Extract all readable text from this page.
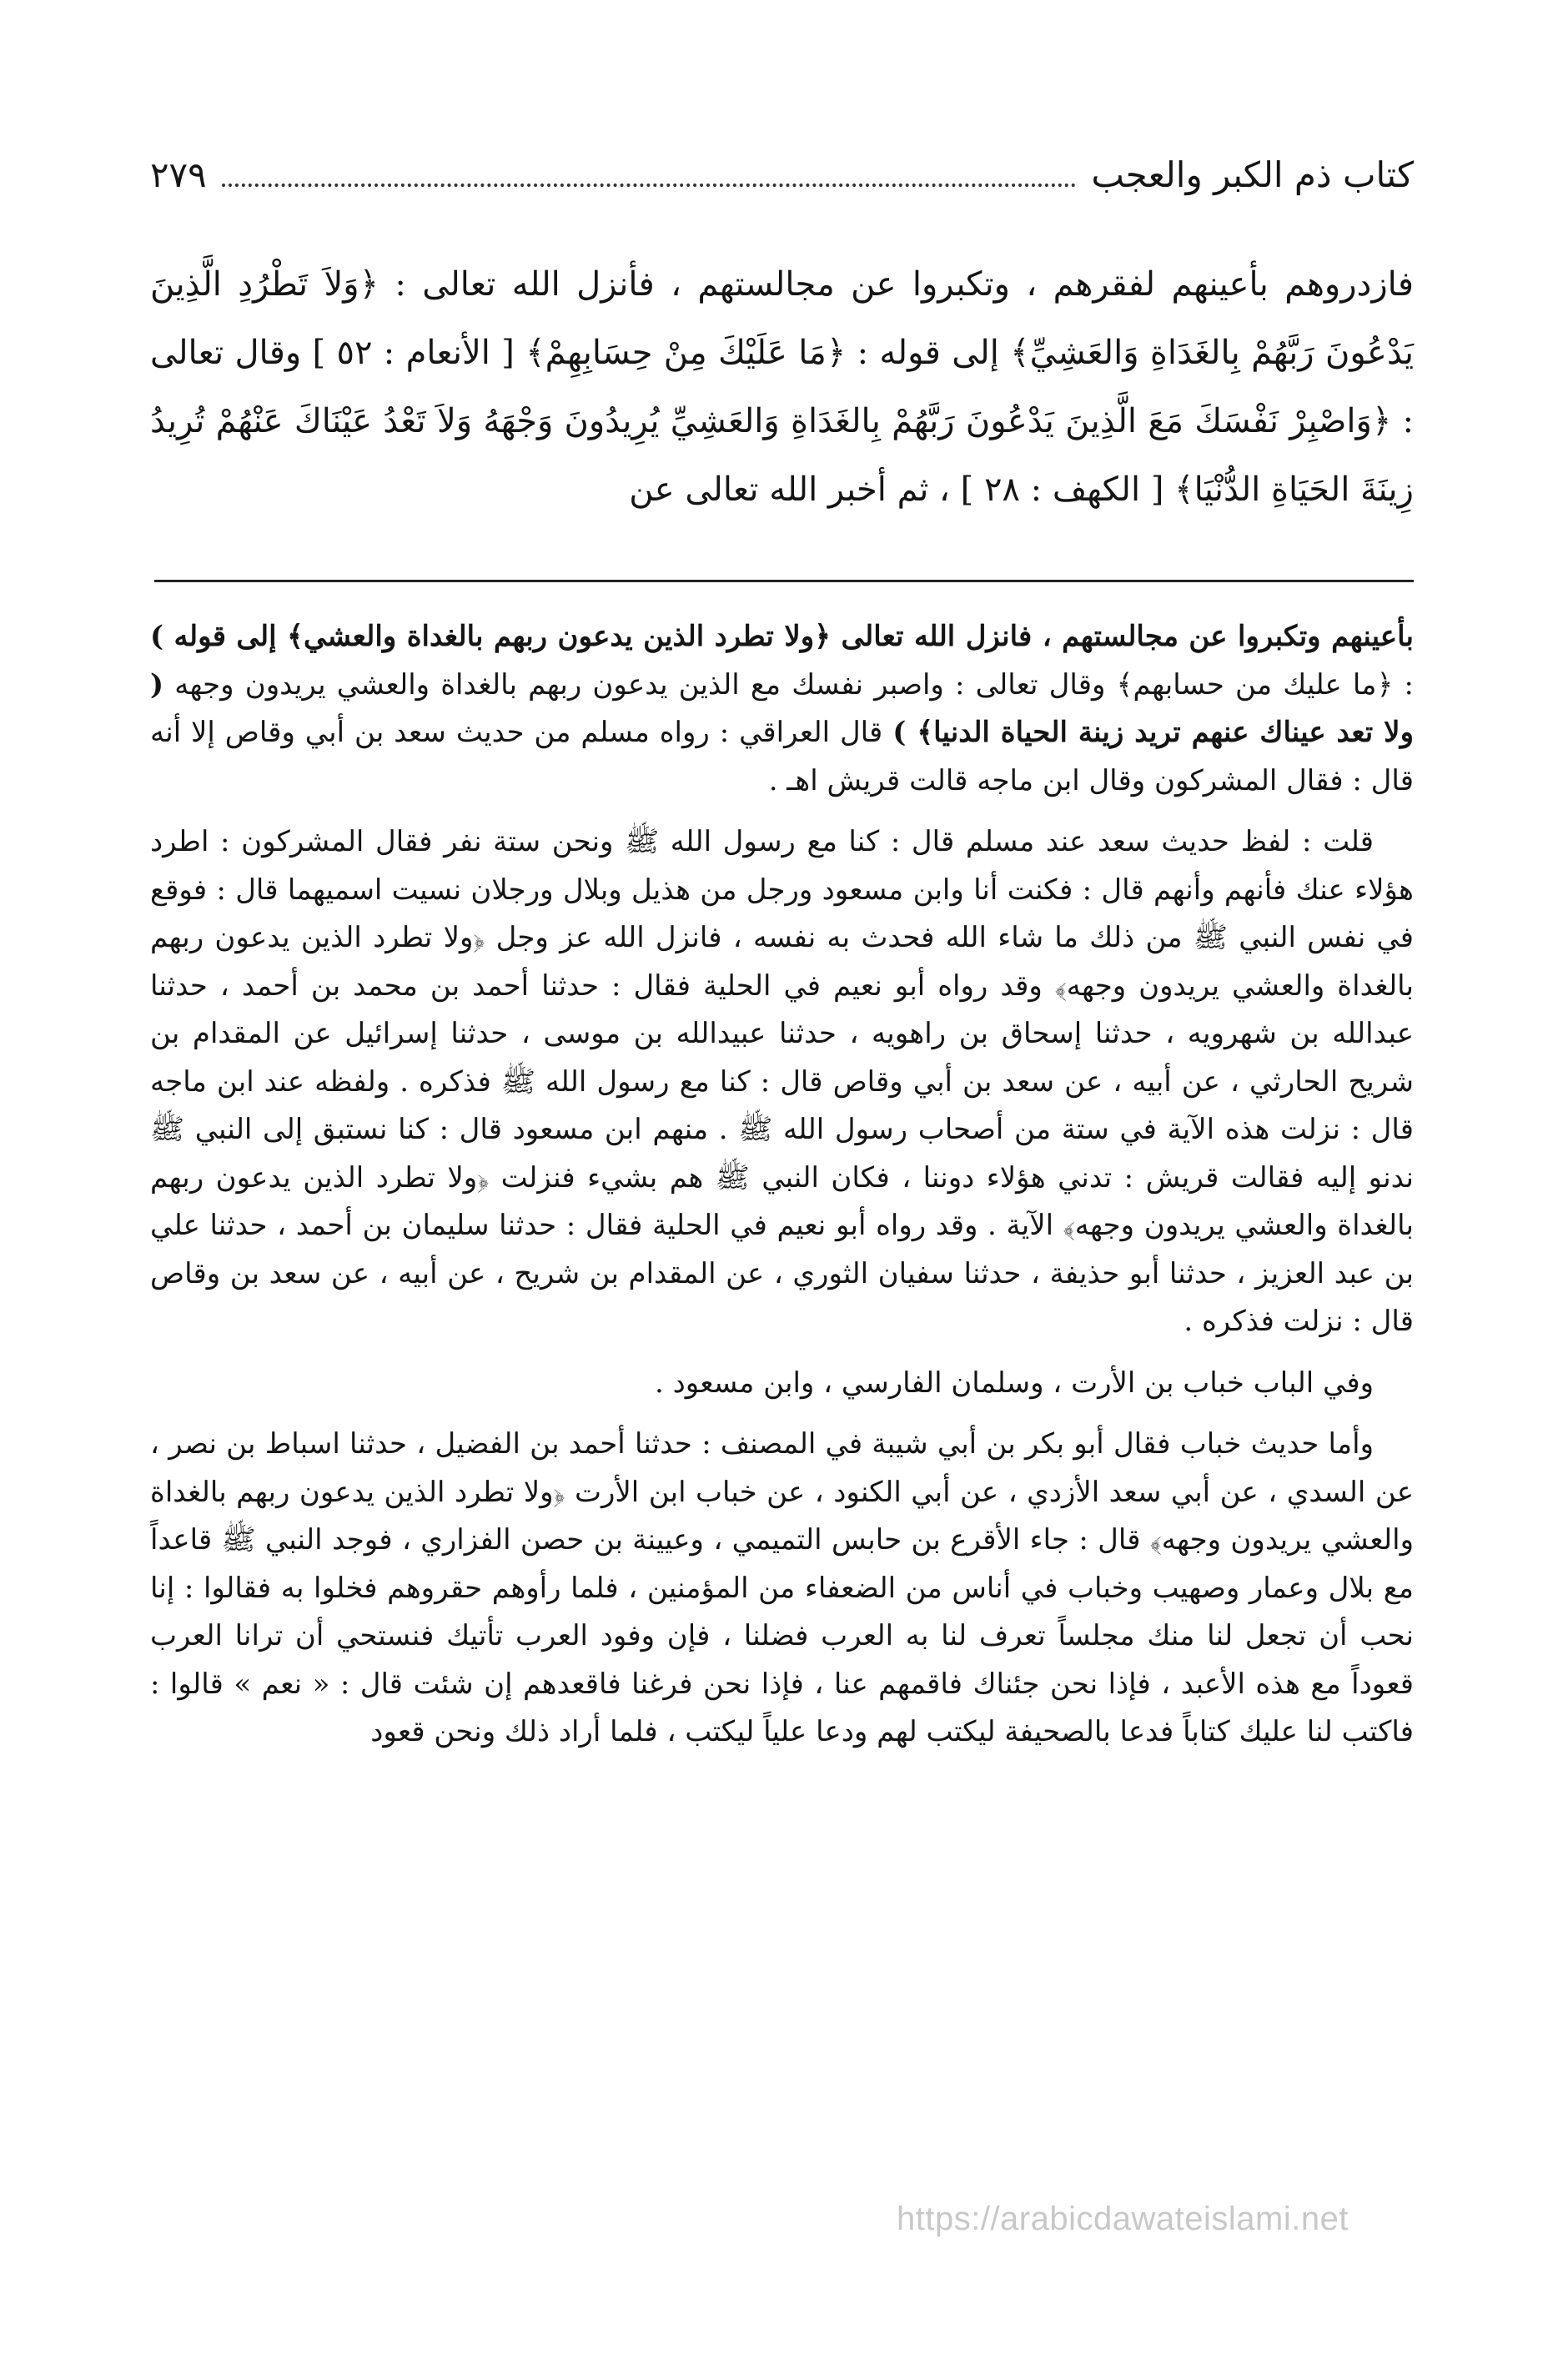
كتاب ذم الكبر والعجب
٢٧٩

فازدروهم بأعينهم لفقرهم ، وتكبروا عن مجالستهم ، فأنزل الله تعالى : ﴿وَلاَ تَطْرُدِ الَّذِينَ يَدْعُونَ رَبَّهُمْ بِالغَدَاةِ وَالعَشِيِّ﴾ إلى قوله : ﴿مَا عَلَيْكَ مِنْ حِسَابِهِمْ﴾ [ الأنعام : ٥٢ ] وقال تعالى : ﴿وَاصْبِرْ نَفْسَكَ مَعَ الَّذِينَ يَدْعُونَ رَبَّهُمْ بِالغَدَاةِ وَالعَشِيِّ يُرِيدُونَ وَجْهَهُ وَلاَ تَعْدُ عَيْنَاكَ عَنْهُمْ تُرِيدُ زِينَةَ الحَيَاةِ الدُّنْيَا﴾ [ الكهف : ٢٨ ] ، ثم أخبر الله تعالى عن

بأعينهم وتكبروا عن مجالستهم ، فانزل الله تعالى ﴿ولا تطرد الذين يدعون ربهم بالغداة والعشي﴾ إلى قوله ) : ﴿ما عليك من حسابهم﴾ وقال تعالى : واصبر نفسك مع الذين يدعون ربهم بالغداة والعشي يريدون وجهه ( ولا تعد عيناك عنهم تريد زينة الحياة الدنيا﴾ ) قال العراقي : رواه مسلم من حديث سعد بن أبي وقاص إلا أنه قال : فقال المشركون وقال ابن ماجه قالت قريش اهـ .

قلت : لفظ حديث سعد عند مسلم قال : كنا مع رسول الله ﷺ ونحن ستة نفر فقال المشركون : اطرد هؤلاء عنك فأنهم وأنهم قال : فكنت أنا وابن مسعود ورجل من هذيل وبلال ورجلان نسيت اسميهما قال : فوقع في نفس النبي ﷺ من ذلك ما شاء الله فحدث به نفسه ، فانزل الله عز وجل ﴿ولا تطرد الذين يدعون ربهم بالغداة والعشي يريدون وجهه﴾ وقد رواه أبو نعيم في الحلية فقال : حدثنا أحمد بن محمد بن أحمد ، حدثنا عبدالله بن شهرويه ، حدثنا إسحاق بن راهويه ، حدثنا عبيدالله بن موسى ، حدثنا إسرائيل عن المقدام بن شريح الحارثي ، عن أبيه ، عن سعد بن أبي وقاص قال : كنا مع رسول الله ﷺ فذكره . ولفظه عند ابن ماجه قال : نزلت هذه الآية في ستة من أصحاب رسول الله ﷺ . منهم ابن مسعود قال : كنا نستبق إلى النبي ﷺ ندنو إليه فقالت قريش : تدني هؤلاء دوننا ، فكان النبي ﷺ هم بشيء فنزلت ﴿ولا تطرد الذين يدعون ربهم بالغداة والعشي يريدون وجهه﴾ الآية . وقد رواه أبو نعيم في الحلية فقال : حدثنا سليمان بن أحمد ، حدثنا علي بن عبد العزيز ، حدثنا أبو حذيفة ، حدثنا سفيان الثوري ، عن المقدام بن شريح ، عن أبيه ، عن سعد بن وقاص قال : نزلت فذكره .

وفي الباب خباب بن الأرت ، وسلمان الفارسي ، وابن مسعود .

وأما حديث خباب فقال أبو بكر بن أبي شيبة في المصنف : حدثنا أحمد بن الفضيل ، حدثنا اسباط بن نصر ، عن السدي ، عن أبي سعد الأزدي ، عن أبي الكنود ، عن خباب ابن الأرت ﴿ولا تطرد الذين يدعون ربهم بالغداة والعشي يريدون وجهه﴾ قال : جاء الأقرع بن حابس التميمي ، وعيينة بن حصن الفزاري ، فوجد النبي ﷺ قاعداً مع بلال وعمار وصهيب وخباب في أناس من الضعفاء من المؤمنين ، فلما رأوهم حقروهم فخلوا به فقالوا : إنا نحب أن تجعل لنا منك مجلساً تعرف لنا به العرب فضلنا ، فإن وفود العرب تأتيك فنستحي أن ترانا العرب قعوداً مع هذه الأعبد ، فإذا نحن جئناك فاقمهم عنا ، فإذا نحن فرغنا فاقعدهم إن شئت قال : « نعم » قالوا : فاكتب لنا عليك كتاباً فدعا بالصحيفة ليكتب لهم ودعا علياً ليكتب ، فلما أراد ذلك ونحن قعود

https://arabicdawateislami.net
